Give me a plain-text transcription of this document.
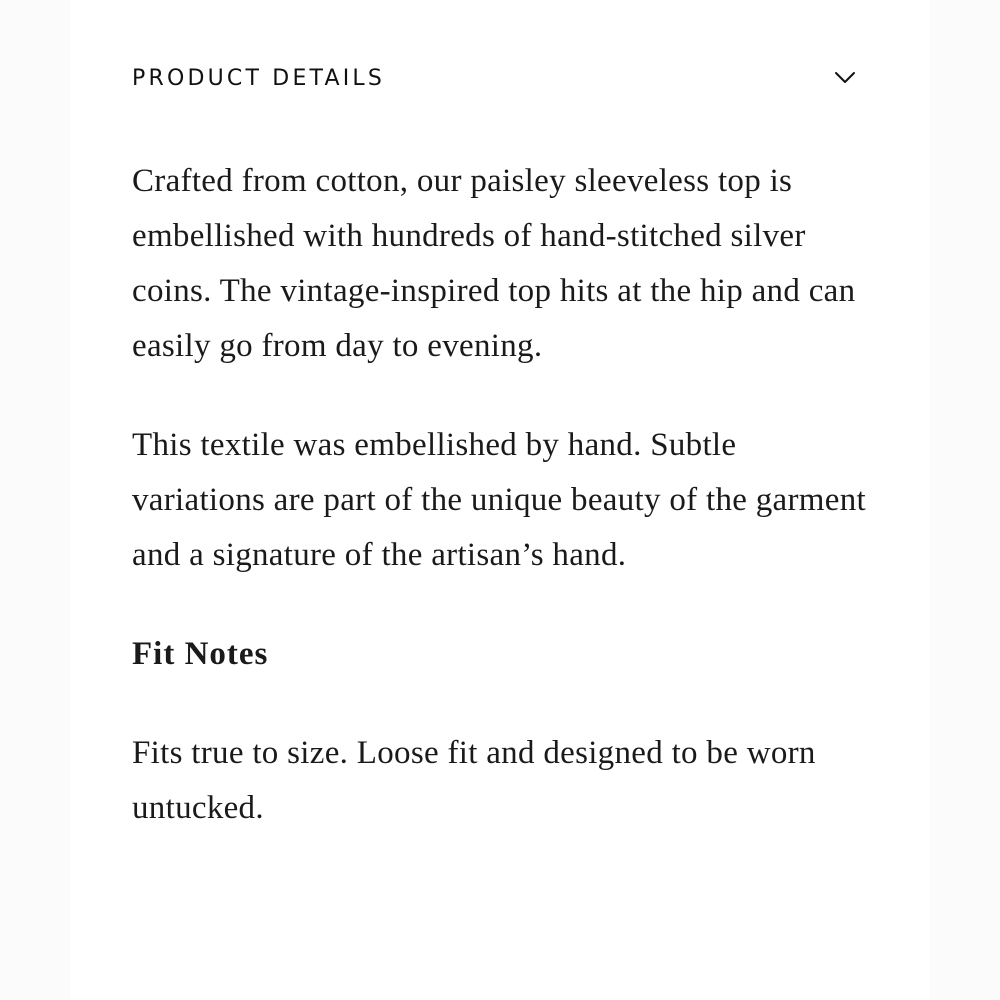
PRODUCT DETAILS

Crafted from cotton, our paisley sleeveless top is embellished with hundreds of hand-stitched silver coins. The vintage-inspired top hits at the hip and can easily go from day to evening.

This textile was embellished by hand. Subtle variations are part of the unique beauty of the garment and a signature of the artisan’s hand.

Fit Notes

Fits true to size. Loose fit and designed to be worn untucked.
